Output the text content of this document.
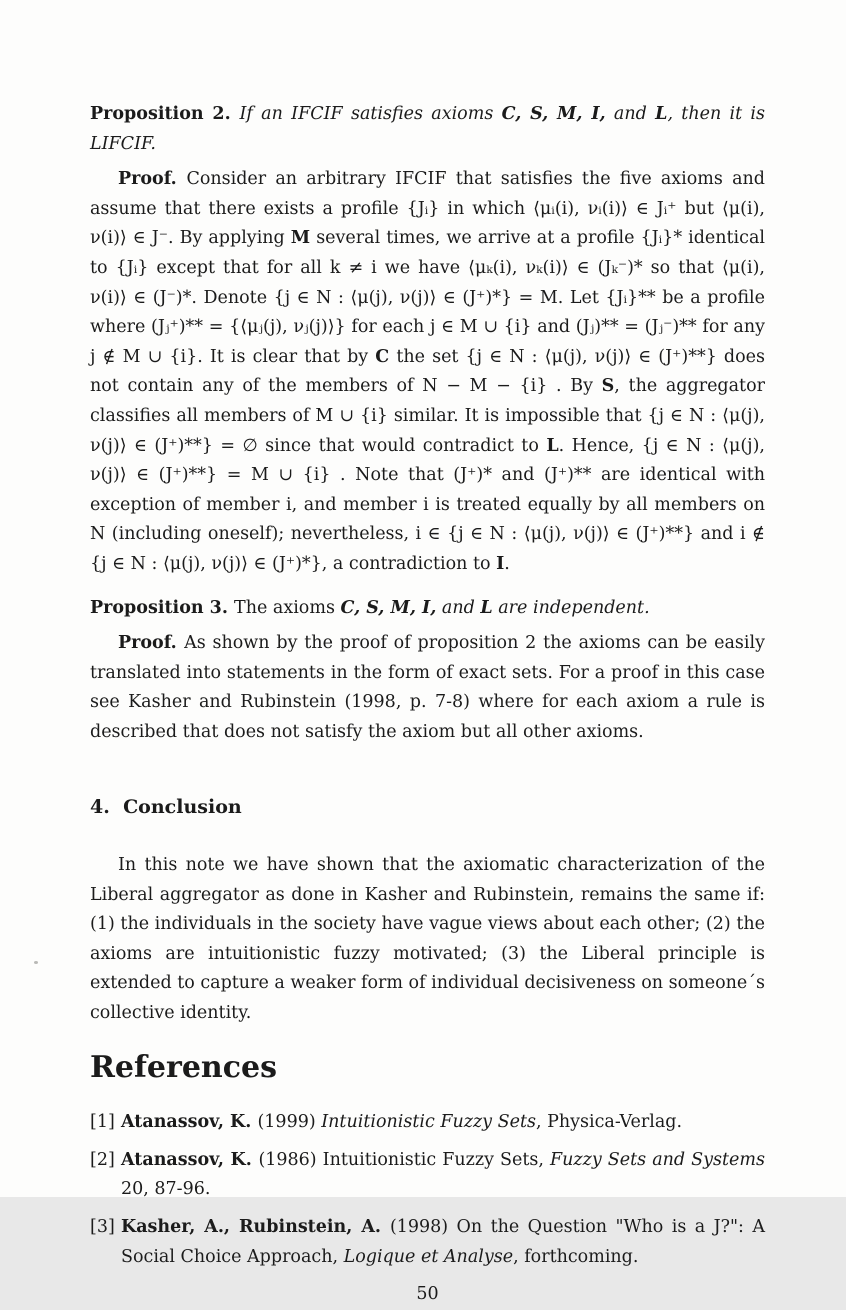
Proposition 2. If an IFCIF satisfies axioms C, S, M, I, and L, then it is LIFCIF.

Proof. Consider an arbitrary IFCIF that satisfies the five axioms and assume that there exists a profile {Jᵢ} in which ⟨μᵢ(i), νᵢ(i)⟩ ∈ Jᵢ⁺ but ⟨μ(i), ν(i)⟩ ∈ J⁻. By applying M several times, we arrive at a profile {Jᵢ}* identical to {Jᵢ} except that for all k ≠ i we have ⟨μₖ(i), νₖ(i)⟩ ∈ (Jₖ⁻)* so that ⟨μ(i), ν(i)⟩ ∈ (J⁻)*. Denote {j ∈ N : ⟨μ(j), ν(j)⟩ ∈ (J⁺)*} = M. Let {Jᵢ}** be a profile where (Jⱼ⁺)** = {⟨μⱼ(j), νⱼ(j)⟩} for each j ∈ M ∪ {i} and (Jⱼ)** = (Jⱼ⁻)** for any j ∉ M ∪ {i}. It is clear that by C the set {j ∈ N : ⟨μ(j), ν(j)⟩ ∈ (J⁺)**} does not contain any of the members of N − M − {i} . By S, the aggregator classifies all members of M ∪ {i} similar. It is impossible that {j ∈ N : ⟨μ(j), ν(j)⟩ ∈ (J⁺)**} = ∅ since that would contradict to L. Hence, {j ∈ N : ⟨μ(j), ν(j)⟩ ∈ (J⁺)**} = M ∪ {i} . Note that (J⁺)* and (J⁺)** are identical with exception of member i, and member i is treated equally by all members on N (including oneself); nevertheless, i ∈ {j ∈ N : ⟨μ(j), ν(j)⟩ ∈ (J⁺)**} and i ∉ {j ∈ N : ⟨μ(j), ν(j)⟩ ∈ (J⁺)*}, a contradiction to I.

Proposition 3. The axioms C, S, M, I, and L are independent.

Proof. As shown by the proof of proposition 2 the axioms can be easily translated into statements in the form of exact sets. For a proof in this case see Kasher and Rubinstein (1998, p. 7-8) where for each axiom a rule is described that does not satisfy the axiom but all other axioms.

4.  Conclusion

In this note we have shown that the axiomatic characterization of the Liberal aggregator as done in Kasher and Rubinstein, remains the same if: (1) the individuals in the society have vague views about each other; (2) the axioms are intuitionistic fuzzy motivated; (3) the Liberal principle is extended to capture a weaker form of individual decisiveness on someone´s collective identity.

References
[1] Atanassov, K. (1999) Intuitionistic Fuzzy Sets, Physica-Verlag.
[2] Atanassov, K. (1986) Intuitionistic Fuzzy Sets, Fuzzy Sets and Systems 20, 87-96.
[3] Kasher, A., Rubinstein, A. (1998) On the Question "Who is a J?": A Social Choice Approach, Logique et Analyse, forthcoming.
50
